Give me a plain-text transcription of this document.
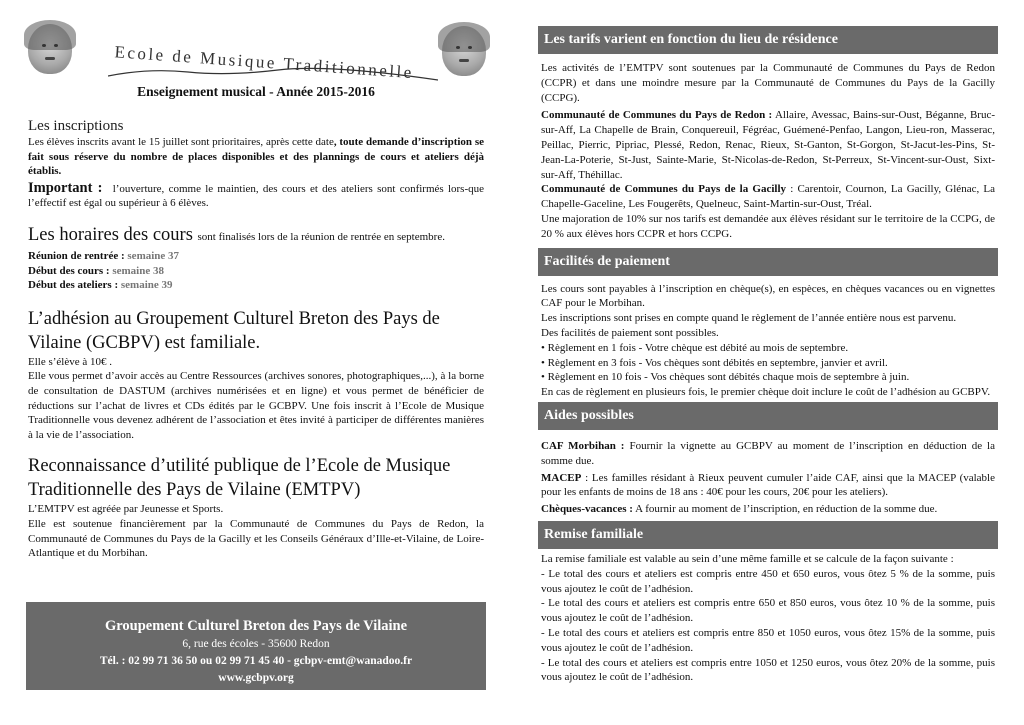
École de Musique Traditionnelle
Enseignement musical - Année 2015-2016
Les inscriptions

Les élèves inscrits avant le 15 juillet sont prioritaires, après cette date, toute demande d’inscription se fait sous réserve du nombre de places disponibles et des plannings de cours et ateliers déjà établis.

Important : l’ouverture, comme le maintien, des cours et des ateliers sont confirmés lors-que l’effectif est égal ou supérieur à 6 élèves.

Les horaires des cours sont finalisés lors de la réunion de rentrée en septembre.
Réunion de rentrée : semaine 37
Début des cours : semaine 38
Début des ateliers : semaine 39
L’adhésion au Groupement Culturel Breton des Pays de Vilaine (GCBPV) est familiale.

Elle s’élève à 10€ .

Elle vous permet d’avoir accès au Centre Ressources (archives sonores, photographiques,...), à la borne de consultation de DASTUM (archives numérisées et en ligne) et vous permet de bénéficier de réductions sur l’achat de livres et CDs édités par le GCBPV. Une fois inscrit à l’Ecole de Musique Traditionnelle vous devenez adhérent de l’association et êtes invité à participer de différentes manières à la vie de l’association.

Reconnaissance d’utilité publique de l’Ecole de Musique Traditionnelle des Pays de Vilaine (EMTPV)

L’EMTPV est agréée par Jeunesse et Sports.

Elle est soutenue financièrement par la Communauté de Communes du Pays de Redon, la Communauté de Communes du Pays de la Gacilly et les Conseils Généraux d’Ille-et-Vilaine, de Loire-Atlantique et du Morbihan.

Groupement Culturel Breton des Pays de Vilaine
6, rue des écoles - 35600 Redon
Tél. : 02 99 71 36 50 ou 02 99 71 45 40 - gcbpv-emt@wanadoo.fr
www.gcbpv.org
Les tarifs varient en fonction du lieu de résidence

Les activités de l’EMTPV sont soutenues par la Communauté de Communes du Pays de Redon (CCPR) et dans une moindre mesure par la Communauté de Communes du Pays de la Gacilly (CCPG).

Communauté de Communes du Pays de Redon : Allaire, Avessac, Bains-sur-Oust, Béganne, Bruc-sur-Aff, La Chapelle de Brain, Conquereuil, Fégréac, Guémené-Penfao, Langon, Lieu-ron, Masserac, Peillac, Pierric, Pipriac, Plessé, Redon, Renac, Rieux, St-Ganton, St-Gorgon, St-Jacut-les-Pins, St-Jean-La-Poterie, St-Just, Sainte-Marie, St-Nicolas-de-Redon, St-Perreux, St-Vincent-sur-Oust, Sixt-sur-Aff, Théhillac.

Communauté de Communes du Pays de la Gacilly : Carentoir, Cournon, La Gacilly, Glénac, La Chapelle-Gaceline, Les Fougerêts, Quelneuc, Saint-Martin-sur-Oust, Tréal.

Une majoration de 10% sur nos tarifs est demandée aux élèves résidant sur le territoire de la CCPG, de 20 % aux élèves hors CCPR et hors CCPG.

Facilités de paiement

Les cours sont payables à l’inscription en chèque(s), en espèces, en chèques vacances ou en vignettes CAF pour le Morbihan.

Les inscriptions sont prises en compte quand le règlement de l’année entière nous est parvenu.

Des facilités de paiement sont possibles.

• Règlement en 1 fois - Votre chèque est débité au mois de septembre.

• Règlement en 3 fois - Vos chèques sont débités en septembre, janvier et avril.

• Règlement en 10 fois - Vos chèques sont débités chaque mois de septembre à juin.

En cas de règlement en plusieurs fois, le premier chèque doit inclure le coût de l’adhésion au GCBPV.

Aides possibles

CAF Morbihan : Fournir la vignette au GCBPV au moment de l’inscription en déduction de la somme due.

MACEP : Les familles résidant à Rieux peuvent cumuler l’aide CAF, ainsi que la MACEP (valable pour les enfants de moins de 18 ans : 40€ pour les cours, 20€ pour les ateliers).

Chèques-vacances : A fournir au moment de l’inscription, en réduction de la somme due.

Remise familiale

La remise familiale est valable au sein d’une même famille et se calcule de la façon suivante :

- Le total des cours et ateliers est compris entre 450 et 650 euros, vous ôtez 5 % de la somme, puis vous ajoutez le coût de l’adhésion.

- Le total des cours et ateliers est compris entre 650 et 850 euros, vous ôtez 10 % de la somme, puis vous ajoutez le coût de l’adhésion.

- Le total des cours et ateliers est compris entre 850 et 1050 euros, vous ôtez 15% de la somme, puis vous ajoutez le coût de l’adhésion.

- Le total des cours et ateliers est compris entre 1050 et 1250 euros, vous ôtez 20% de la somme, puis vous ajoutez le coût de l’adhésion.
